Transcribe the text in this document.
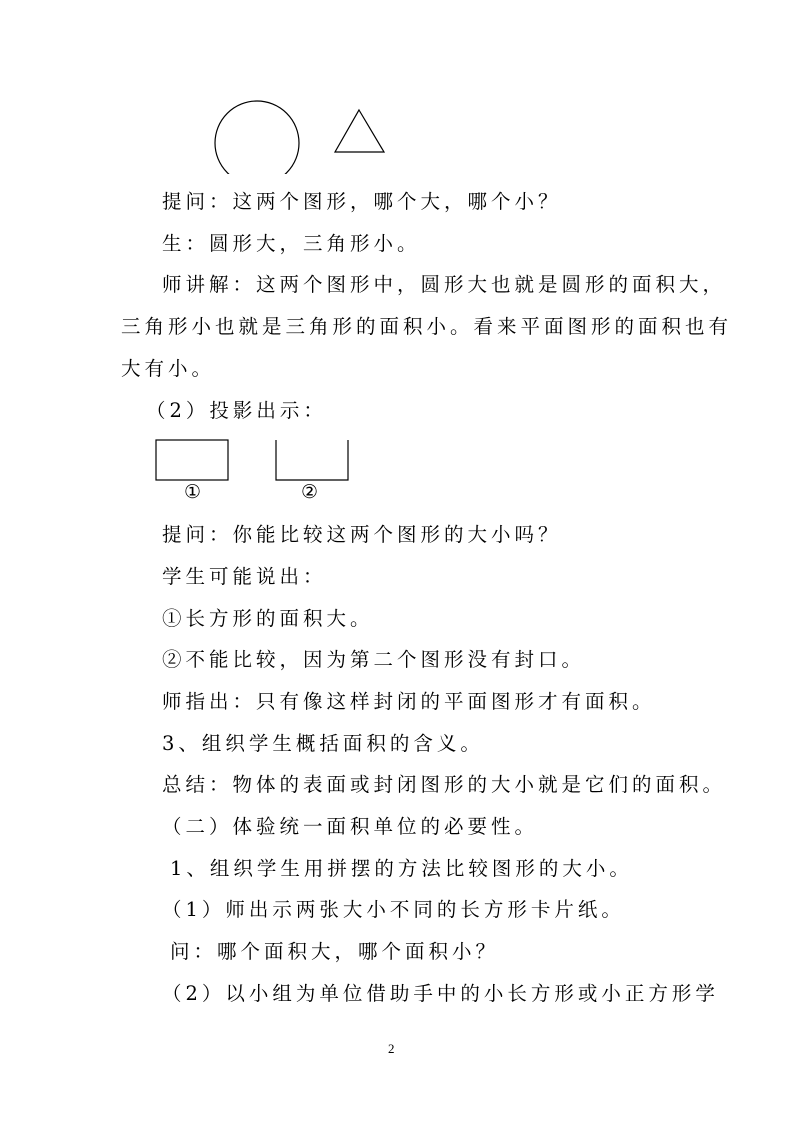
提问：这两个图形，哪个大，哪个小？
生：圆形大，三角形小。
师讲解：这两个图形中，圆形大也就是圆形的面积大，
三角形小也就是三角形的面积小。看来平面图形的面积也有
大有小。
（2）投影出示：
①	②
提问：你能比较这两个图形的大小吗？
学生可能说出：
①长方形的面积大。
②不能比较，因为第二个图形没有封口。
师指出：只有像这样封闭的平面图形才有面积。
3、组织学生概括面积的含义。
总结：物体的表面或封闭图形的大小就是它们的面积。
（二）体验统一面积单位的必要性。
1、组织学生用拼摆的方法比较图形的大小。
（1）师出示两张大小不同的长方形卡片纸。
问：哪个面积大，哪个面积小？
（2）以小组为单位借助手中的小长方形或小正方形学
2
